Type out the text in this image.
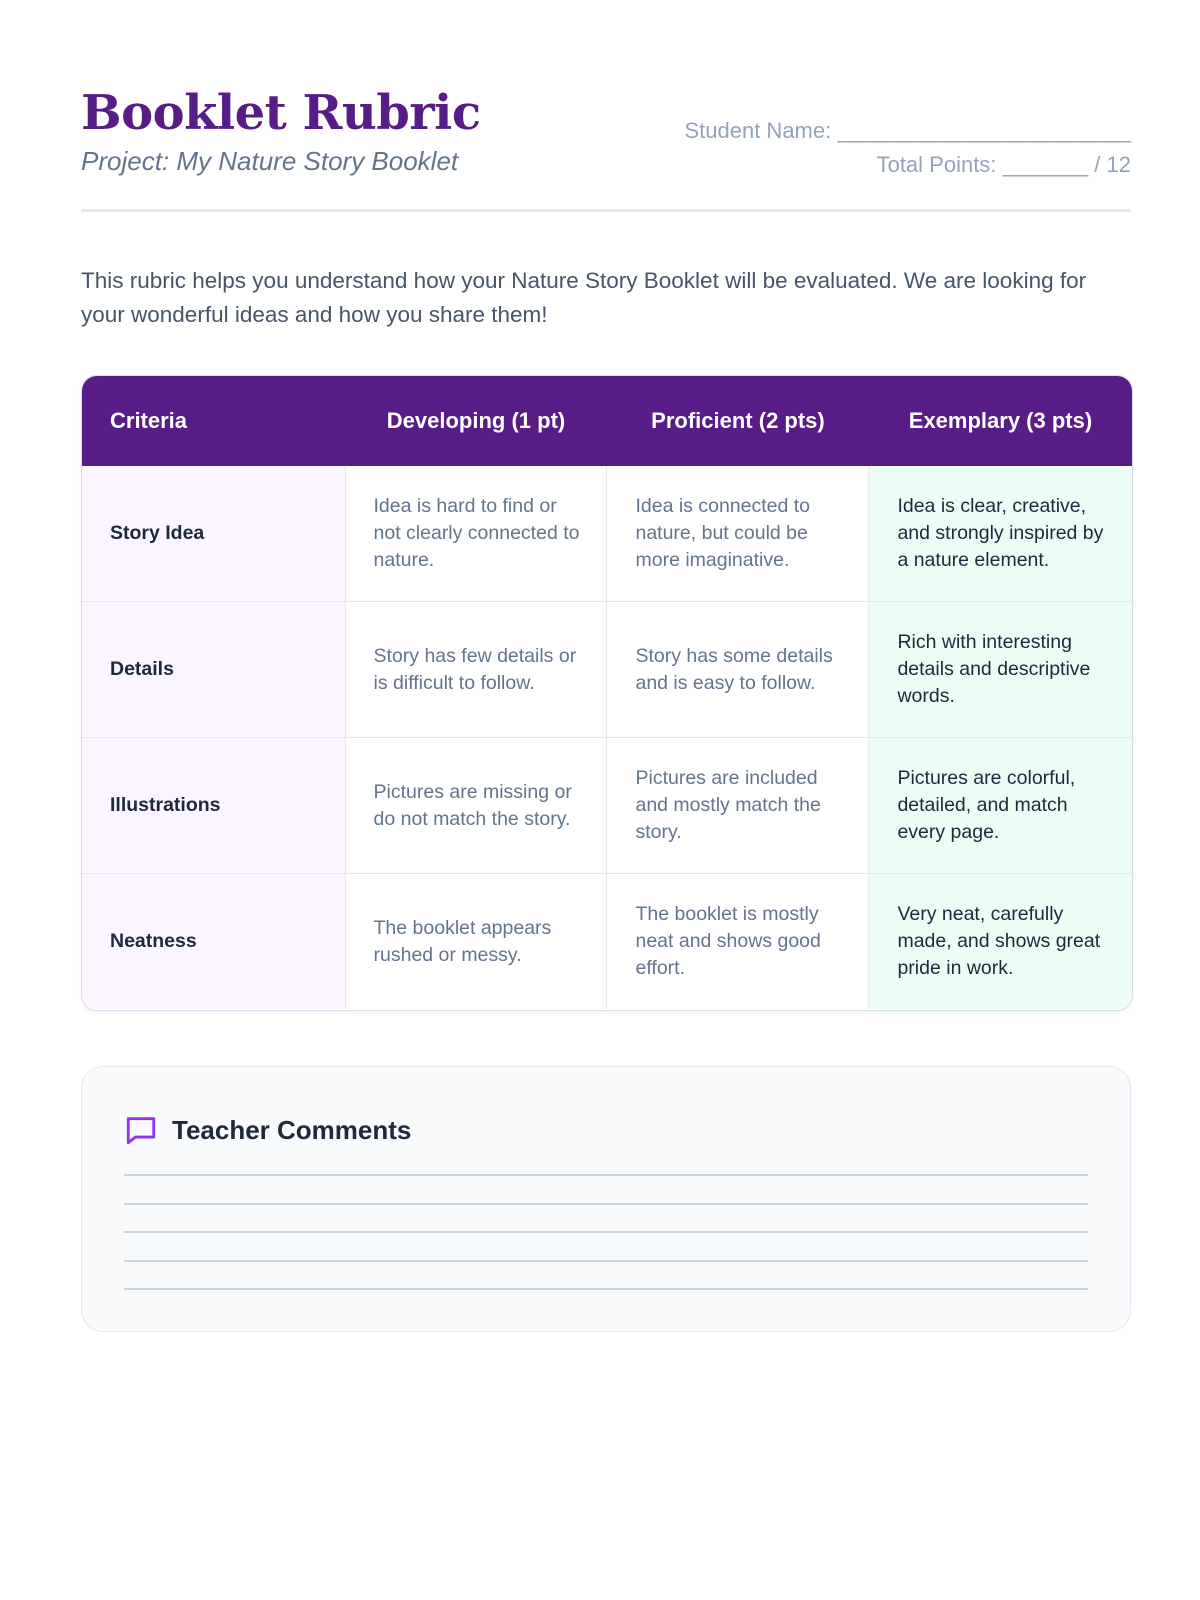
Booklet Rubric
Project: My Nature Story Booklet
Student Name: ________________________
Total Points: _______ / 12

This rubric helps you understand how your Nature Story Booklet will be evaluated. We are looking for your wonderful ideas and how you share them!

Criteria	Developing (1 pt)	Proficient (2 pts)	Exemplary (3 pts)
Story Idea	Idea is hard to find or not clearly connected to nature.	Idea is connected to nature, but could be more imaginative.	Idea is clear, creative, and strongly inspired by a nature element.
Details	Story has few details or is difficult to follow.	Story has some details and is easy to follow.	Rich with interesting details and descriptive words.
Illustrations	Pictures are missing or do not match the story.	Pictures are included and mostly match the story.	Pictures are colorful, detailed, and match every page.
Neatness	The booklet appears rushed or messy.	The booklet is mostly neat and shows good effort.	Very neat, carefully made, and shows great pride in work.
Teacher Comments
